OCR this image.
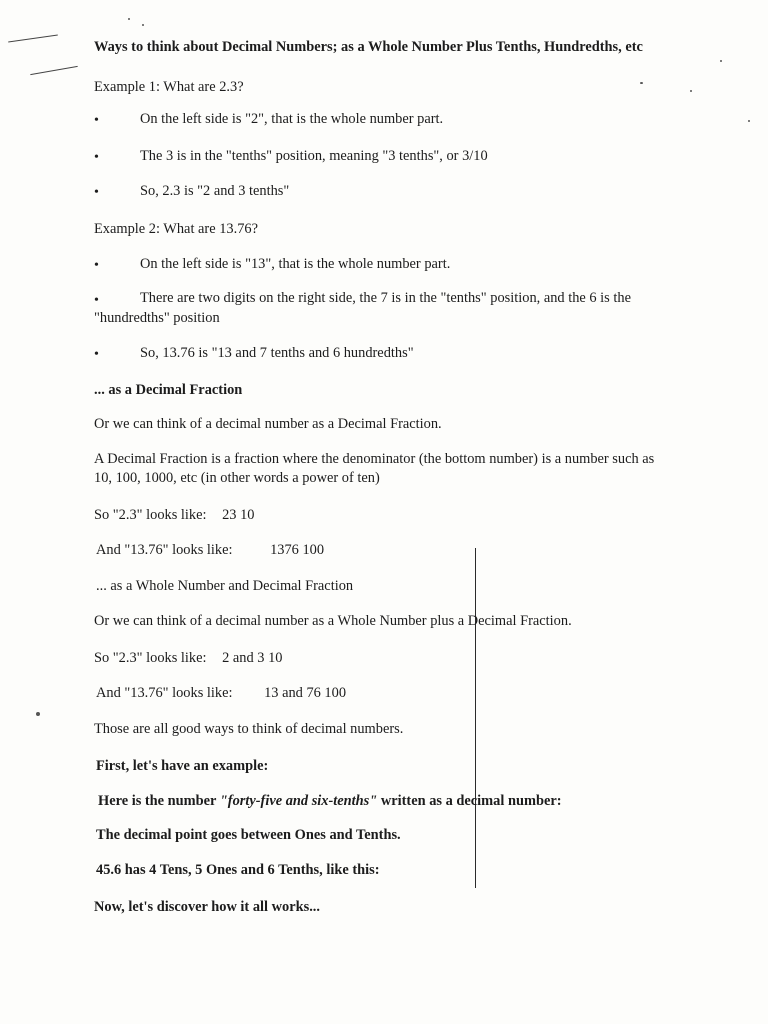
Ways to think about Decimal Numbers; as a Whole Number Plus Tenths, Hundredths, etc
Example 1: What are 2.3?
•	On the left side is "2", that is the whole number part.
•	The 3 is in the "tenths" position, meaning "3 tenths", or 3/10
•	So, 2.3 is "2 and 3 tenths"
Example 2: What are 13.76?
•	On the left side is "13", that is the whole number part.
•	There are two digits on the right side, the 7 is in the "tenths" position, and the 6 is the
"hundredths" position
•	So, 13.76 is "13 and 7 tenths and 6 hundredths"
... as a Decimal Fraction
Or we can think of a decimal number as a Decimal Fraction.
A Decimal Fraction is a fraction where the denominator (the bottom number) is a number such as
10, 100, 1000, etc (in other words a power of ten)
So "2.3" looks like: 23 10
And "13.76" looks like:	1376 100
... as a Whole Number and Decimal Fraction
Or we can think of a decimal number as a Whole Number plus a Decimal Fraction.
So "2.3" looks like: 2 and 3 10
And "13.76" looks like: 13 and 76 100
Those are all good ways to think of decimal numbers.
First, let's have an example:
Here is the number "forty-five and six-tenths" written as a decimal number:
The decimal point goes between Ones and Tenths.
45.6 has 4 Tens, 5 Ones and 6 Tenths, like this:
Now, let's discover how it all works...
